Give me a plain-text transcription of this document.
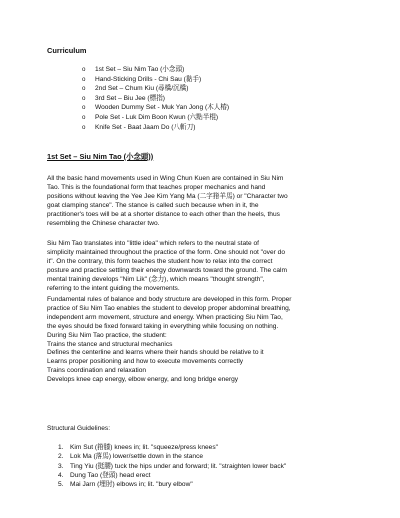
Curriculum
o 1st Set – Siu Nim Tao (小念頭)
o Hand-Sticking Drills - Chi Sau (黏手)
o 2nd Set – Chum Kiu (尋橋/沉橋)
o 3rd Set – Biu Jee (標指)
o Wooden Dummy Set - Muk Yan Jong (木人樁)
o Pole Set - Luk Dim Boon Kwun (六點半棍)
o Knife Set - Baat Jaam Do (八斬刀)
1st Set – Siu Nim Tao (小念頭))
All the basic hand movements used in Wing Chun Kuen are contained in Siu Nim
Tao. This is the foundational form that teaches proper mechanics and hand
positions without leaving the Yee Jee Kim Yang Ma (二字箝羊馬) or "Character two
goat clamping stance". The stance is called such because when in it, the
practitioner's toes will be at a shorter distance to each other than the heels, thus
resembling the Chinese character two.
Siu Nim Tao translates into "little idea" which refers to the neutral state of
simplicity maintained throughout the practice of the form. One should not "over do
it". On the contrary, this form teaches the student how to relax into the correct
posture and practice settling their energy downwards toward the ground. The calm
mental training develops "Nim Lik" (念力), which means "thought strength",
referring to the intent guiding the movements.
Fundamental rules of balance and body structure are developed in this form. Proper
practice of Siu Nim Tao enables the student to develop proper abdominal breathing,
independent arm movement, structure and energy. When practicing Siu Nim Tao,
the eyes should be fixed forward taking in everything while focusing on nothing.
During Siu Nim Tao practice, the student:
Trains the stance and structural mechanics
Defines the centerline and learns where their hands should be relative to it
Learns proper positioning and how to execute movements correctly
Trains coordination and relaxation
Develops knee cap energy, elbow energy, and long bridge energy
Structural Guidelines:
1. Kim Sut (箝膝) knees in; lit. "squeeze/press knees"
2. Lok Ma (落馬) lower/settle down in the stance
3. Ting Yiu (挺腰) tuck the hips under and forward; lit. "straighten lower back"
4. Dung Tao (登頭) head erect
5. Mai Jarn (埋肘) elbows in; lit. "bury elbow"
